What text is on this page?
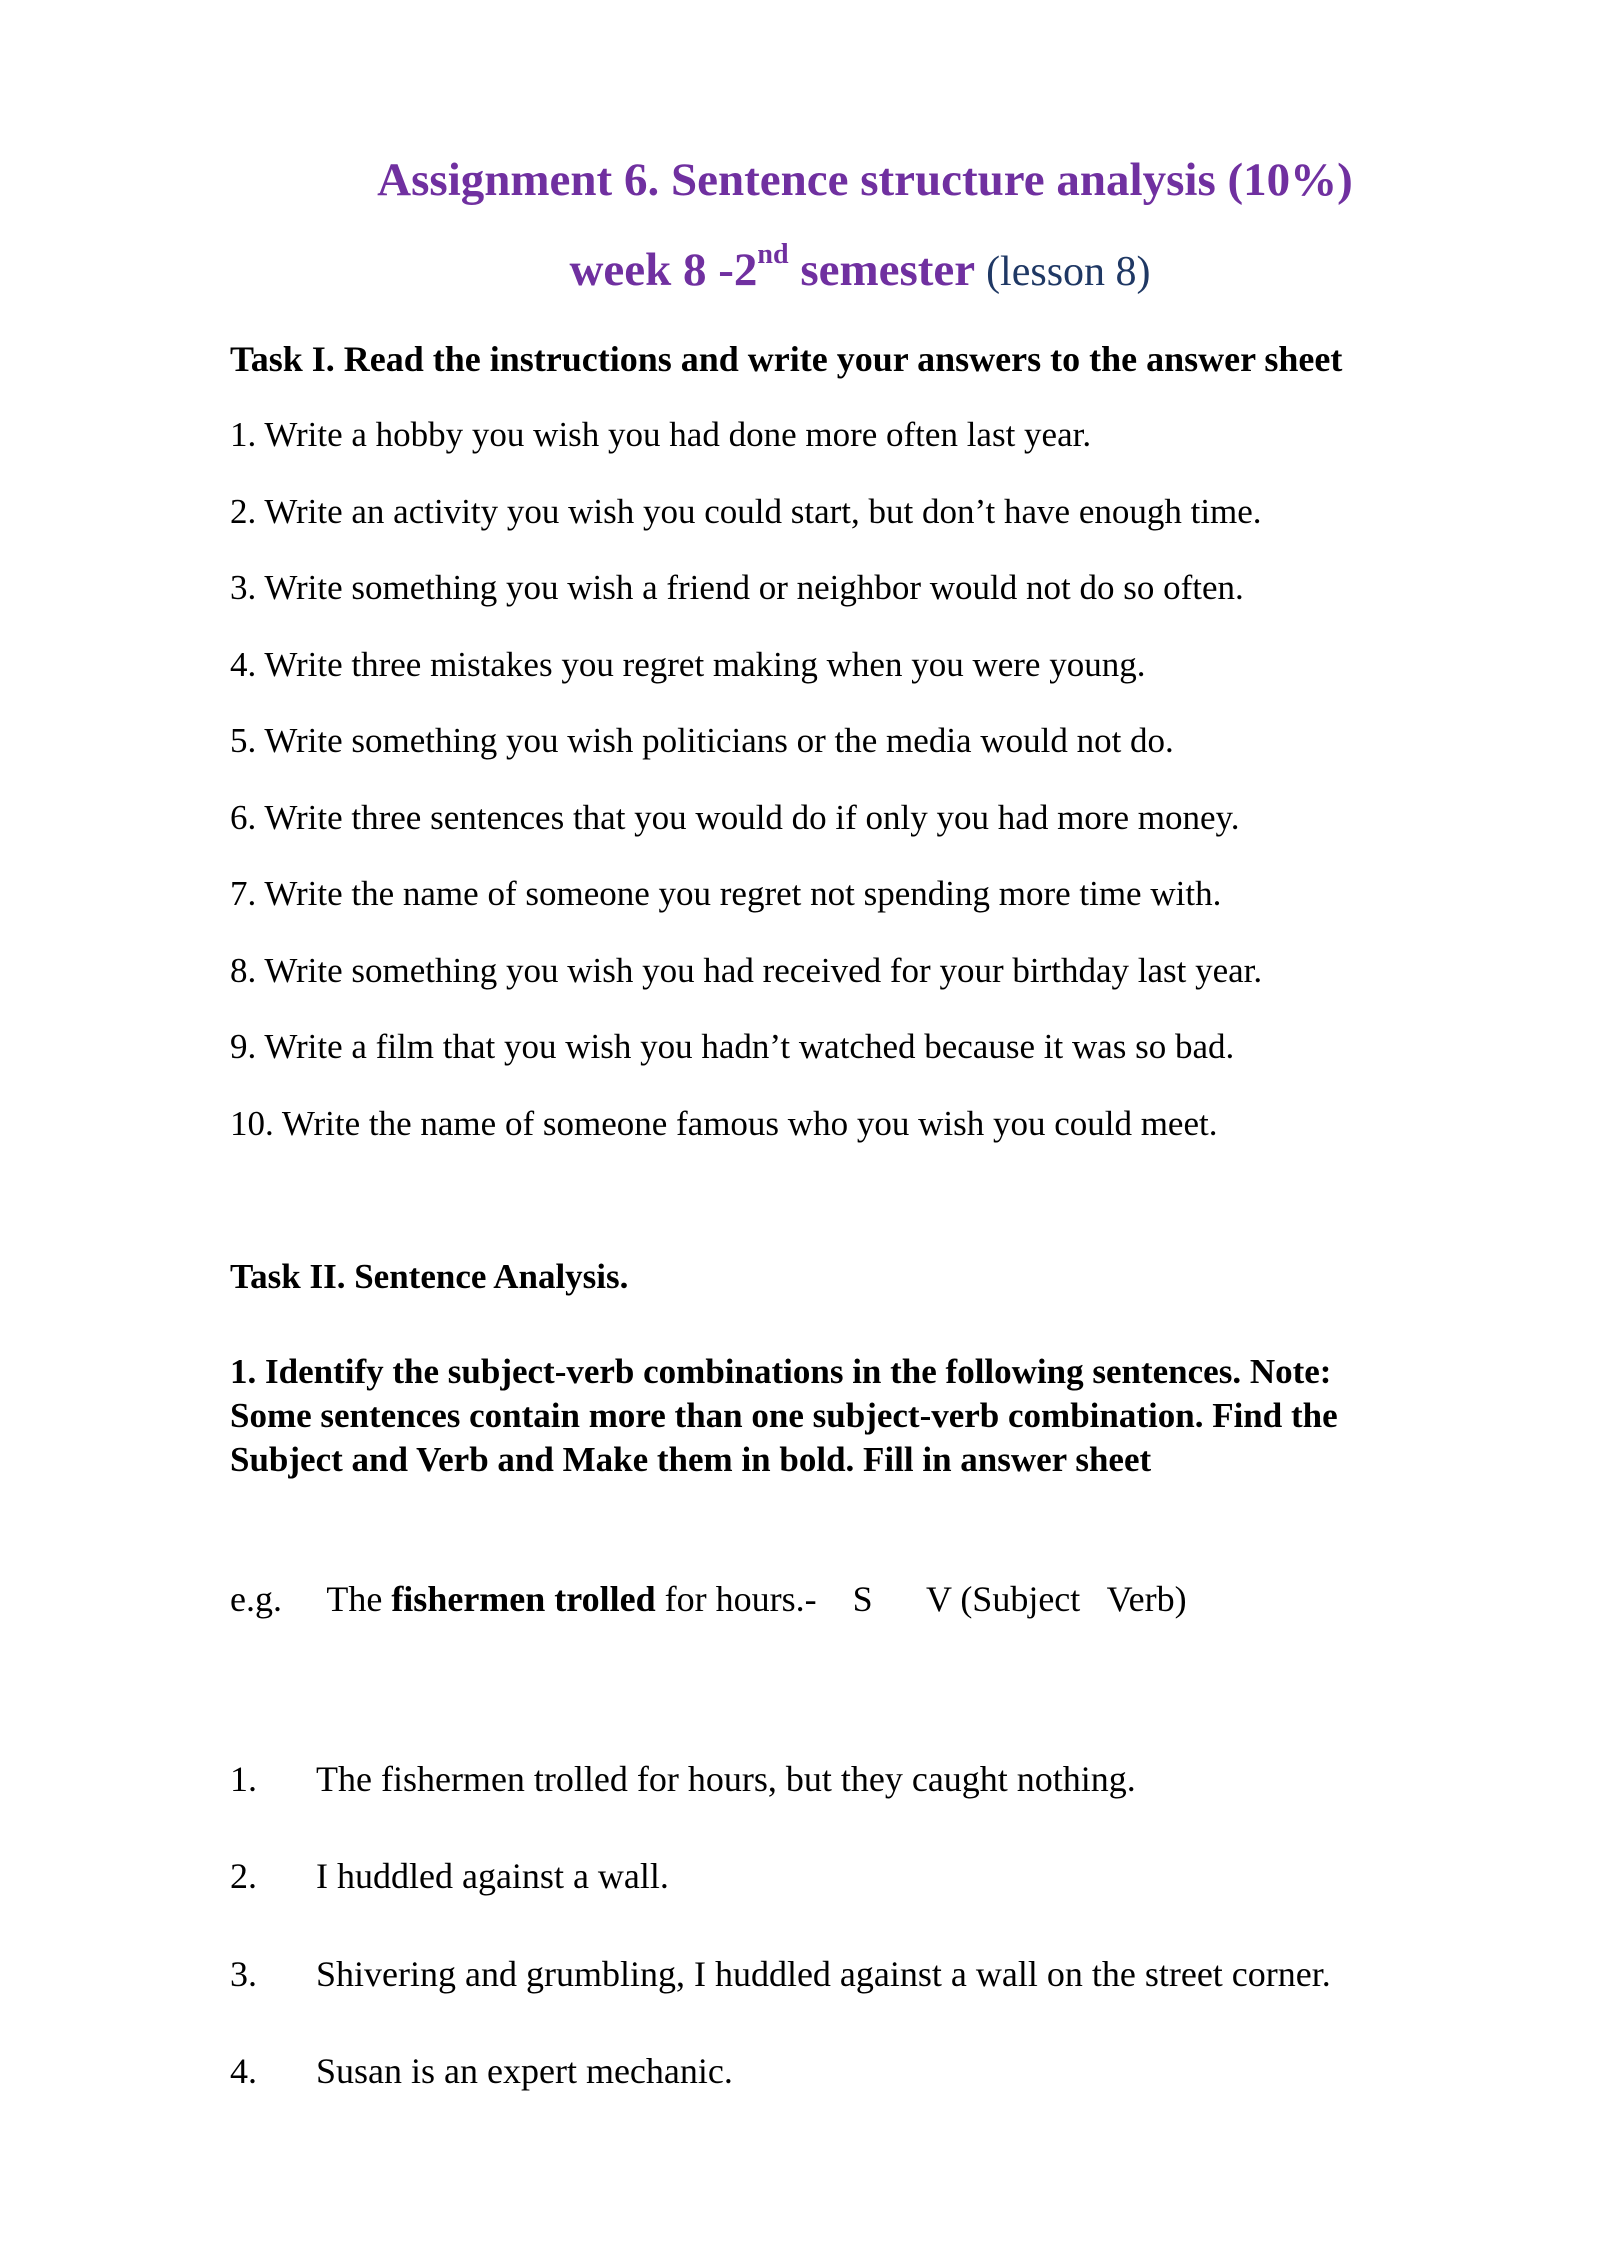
Assignment 6. Sentence structure analysis (10%)
week 8 -2nd semester (lesson 8)
Task I. Read the instructions and write your answers to the answer sheet
1. Write a hobby you wish you had done more often last year.
2. Write an activity you wish you could start, but don’t have enough time.
3. Write something you wish a friend or neighbor would not do so often.
4. Write three mistakes you regret making when you were young.
5. Write something you wish politicians or the media would not do.
6. Write three sentences that you would do if only you had more money.
7. Write the name of someone you regret not spending more time with.
8. Write something you wish you had received for your birthday last year.
9. Write a film that you wish you hadn’t watched because it was so bad.
10. Write the name of someone famous who you wish you could meet.
Task II. Sentence Analysis.
1. Identify the subject-verb combinations in the following sentences. Note: Some sentences contain more than one subject-verb combination. Find the Subject and Verb and Make them in bold. Fill in answer sheet
e.g. The fishermen trolled for hours.- S V (Subject Verb)
1. The fishermen trolled for hours, but they caught nothing.
2. I huddled against a wall.
3. Shivering and grumbling, I huddled against a wall on the street corner.
4. Susan is an expert mechanic.
